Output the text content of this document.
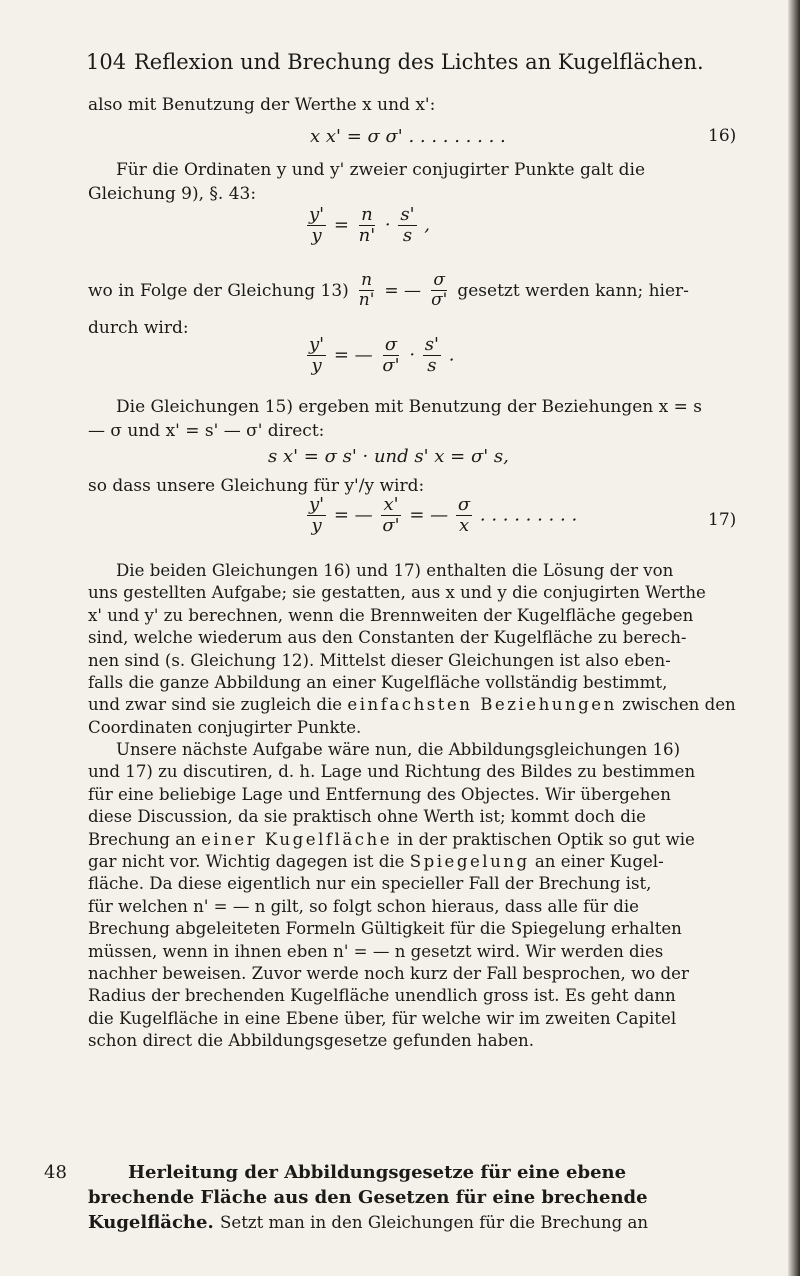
104 Reflexion und Brechung des Lichtes an Kugelflächen.
also mit Benutzung der Werthe x und x':
x x' = σ σ' . . . . . . . . .	16)
Für die Ordinaten y und y' zweier conjugirter Punkte galt die
Gleichung 9), §. 43:
$\frac{y'}{y} = \frac{n}{n'} \cdot \frac{s'}{s}$ ,
wo in Folge der Gleichung $13) \frac{n}{n'}$ = — $\frac{\sigma}{\sigma'}$ gesetzt werden kann; hier-
durch wird:
$\frac{y'}{y}$ = — $\frac{\sigma}{\sigma'} \cdot \frac{s'}{s}$ .
Die Gleichungen 15) ergeben mit Benutzung der Beziehungen x = s
— σ und x' = s' — σ' direct:
s x' = σ s' · und s' x = σ' s,
so dass unsere Gleichung für y'/y wird:
$\frac{y'}{y}$ = — $\frac{x'}{\sigma'}$ = — $\frac{\sigma}{x}$ . . . . . . . . .	17)

Die beiden Gleichungen 16) und 17) enthalten die Lösung der von

uns gestellten Aufgabe; sie gestatten, aus x und y die conjugirten Werthe

x' und y' zu berechnen, wenn die Brennweiten der Kugelfläche gegeben

sind, welche wiederum aus den Constanten der Kugelfläche zu berech-

nen sind (s. Gleichung 12). Mittelst dieser Gleichungen ist also eben-

falls die ganze Abbildung an einer Kugelfläche vollständig bestimmt,

und zwar sind sie zugleich die einfachsten Beziehungen zwischen den

Coordinaten conjugirter Punkte.

Unsere nächste Aufgabe wäre nun, die Abbildungsgleichungen 16)

und 17) zu discutiren, d. h. Lage und Richtung des Bildes zu bestimmen

für eine beliebige Lage und Entfernung des Objectes. Wir übergehen

diese Discussion, da sie praktisch ohne Werth ist; kommt doch die

Brechung an einer Kugelfläche in der praktischen Optik so gut wie

gar nicht vor. Wichtig dagegen ist die Spiegelung an einer Kugel-

fläche. Da diese eigentlich nur ein specieller Fall der Brechung ist,

für welchen n' = — n gilt, so folgt schon hieraus, dass alle für die

Brechung abgeleiteten Formeln Gültigkeit für die Spiegelung erhalten

müssen, wenn in ihnen eben n' = — n gesetzt wird. Wir werden dies

nachher beweisen. Zuvor werde noch kurz der Fall besprochen, wo der

Radius der brechenden Kugelfläche unendlich gross ist. Es geht dann

die Kugelfläche in eine Ebene über, für welche wir im zweiten Capitel

schon direct die Abbildungsgesetze gefunden haben.

48	Herleitung der Abbildungsgesetze für eine ebene
brechende Fläche aus den Gesetzen für eine brechende
Kugelfläche. Setzt man in den Gleichungen für die Brechung an
